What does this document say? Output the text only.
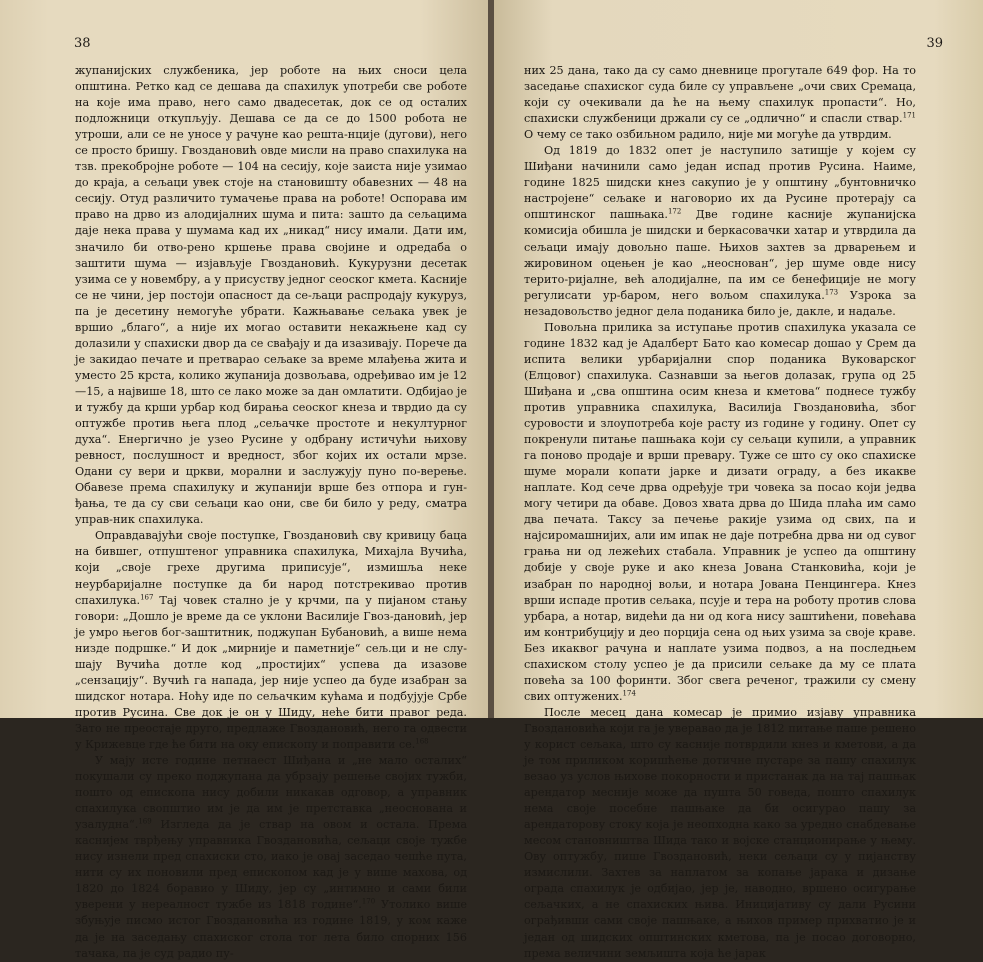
38

жупанијских службеника, јер роботе на њих сноси цела општина. Ретко кад се дешава да спахилук употреби све роботе на које има право, него само двадесетак, док се од осталих подложници откупљују. Дешава се да се до 1500 робота не утроши, али се не уносе у рачуне као решта-нције (дугови), него се просто бришу. Гвоздановић овде мисли на право спахилука на тзв. прекобројне роботе — 104 на сесију, које заиста није узимао до краја, а сељаци увек стоје на становишту обавезних — 48 на сесију. Отуд различито тумачење права на роботе! Оспорава им право на дрво из алодијалних шума и пита: зашто да сељацима даје нека права у шумама кад их „никад“ нису имали. Дати им, значило би отво-рено кршење права својине и одредаба о заштити шума — изјављује Гвоздановић. Кукурузни десетак узима се у новембру, а у присуству једног сеоског кмета. Касније се не чини, јер постоји опасност да се-љаци распродају кукуруз, па је десетину немогуће убрати. Кажњавање сељака увек је вршио „благо“, а није их могао оставити некажњене кад су долазили у спахиски двор да се свађају и да изазивају. Порече да је закидао печате и претварао сељаке за време млађења жита и уместо 25 крста, колико жупанија дозвољава, одређивао им је 12—15, а највише 18, што се лако може за дан омлатити. Одбијао је и тужбу да крши урбар код бирања сеоског кнеза и тврдио да су оптужбе против њега плод „сељачке простоте и некултурног духа“. Енергично је узео Русине у одбрану истичући њихову ревност, послушност и вредност, због којих их остали мрзе. Одани су вери и цркви, морални и заслужују пуно по-верење. Обавезе према спахилуку и жупанији врше без отпора и гун-ђања, те да су сви сељаци као они, све би било у реду, сматра управ-ник спахилука.

Оправдавајући своје поступке, Гвоздановић сву кривицу баца на бившег, отпуштеног управника спахилука, Михајла Вучића, који „своје грехе другима приписује“, измишља неке неурбаријалне поступке да би народ потстрекивао против спахилука.$^{167}$ Тај човек стално је у крчми, па у пијаном стању говори: „Дошло је време да се уклони Василије Гвоз-дановић, јер је умро његов бог-заштитник, поджупан Бубановић, а више нема низде подршке.“ И док „мирније и паметније“ сељ.ци и не слу-шају Вучића дотле код „простијих“ успева да изазове „сензацију“. Вучић га напада, јер није успео да буде изабран за шидског нотара. Ноћу иде по сељачким кућама и подбујује Србе против Русина. Све док је он у Шиду, неће бити правог реда. Зато не преостаје друго, предлаже Гвоздановић, него га одвести у Крижевце где ће бити на оку епископу и поправити се.$^{168}$

У мају исте године петнаест Шиђана и „не мало осталих“ покушали су преко поджупана да убрзају решење својих тужби, пошто од епископа нису добили никакав одговор, а управник спахилука свопштио им је да им је претставка „неоснована и узалудна“.$^{169}$ Изгледа да је ствар на овом и остала. Према каснијем тврђењу управника Гвоздановића, сељаци своје тужбе нису изнели пред спахиски сто, иако је овај заседао чешће пута, нити су их поновили пред епископом кад је у више махова, од 1820 до 1824 боравио у Шиду, јер су „интимно и сами били уверени у нереалност тужбе из 1818 године“.$^{170}$ Утолико више збуњује писмо истог Гвоздановића из године 1819, у ком каже да је на заседању спахиског стола тог лета било спорних 156 тачака, па је суд радио пу-

39

них 25 дана, тако да су само дневнице прогутале 649 фор. На то заседање спахиског суда биле су управљене „очи свих Сремаца, који су очекивали да ће на њему спахилук пропасти“. Но, спахиски службеници држали су се „одлично“ и спасли ствар.$^{171}$ О чему се тако озбиљном радило, није ми могуће да утврдим.

Од 1819 до 1832 опет је наступило затишје у којем су Шиђани начинили само један испад против Русина. Наиме, године 1825 шидски кнез сакупио је у општину „бунтовничко настројене“ сељаке и наговорио их да Русине протерају са општинског пашњака.$^{172}$ Две године касније жупанијска комисија обишла је шидски и беркасовачки хатар и утврдила да сељаци имају довољно паше. Њихов захтев за дрварењем и жировином оцењен је као „неоснован“, јер шуме овде нису терито-ријалне, већ алодијалне, па им се бенефиције не могу регулисати ур-баром, него вољом спахилука.$^{173}$ Узрока за незадовољство једног дела поданика било је, дакле, и надаље.

Повољна прилика за иступање против спахилука указала се године 1832 кад је Адалберт Бато као комесар дошао у Срем да испита велики урбаријални спор поданика Вуковарског (Елцовог) спахилука. Сазнавши за његов долазак, група од 25 Шиђана и „сва општина осим кнеза и кметова“ поднесе тужбу против управника спахилука, Василија Гвоздановића, због суровости и злоупотреба које расту из године у годину. Опет су покренули питање пашњака који су сељаци купили, а управник га поново продаје и врши превару. Туже се што су око спахиске шуме морали копати јарке и дизати ограду, а без икакве наплате. Код сече дрва одређује три човека за посао који једва могу четири да обаве. Довоз хвата дрва до Шида плаћа им само два печата. Таксу за печење ракије узима од свих, па и најсиромашнијих, али им ипак не даје потребна дрва ни од сувог грања ни од лежећих стабала. Управник је успео да општину добије у своје руке и ако кнеза Јована Станковића, који је изабран по народној вољи, и нотара Јована Пенцингера. Кнез врши испаде против сељака, псује и тера на роботу против слова урбара, а нотар, видећи да ни од кога нису заштићени, повећава им контрибуцију и део порција сена од њих узима за своје краве. Без икаквог рачуна и наплате узима подвоз, а на последњем спахиском столу успео је да присили сељаке да му се плата повећа за 100 форинти. Због свега реченог, тражили су смену свих оптужених.$^{174}$

После месец дана комесар је примио изјаву управника Гвоздановића који га је уверавао да је 1812 питање паше решено у корист сељака, што су касније потврдили кнез и кметови, а да је том приликом коришћење дотичне пустаре за пашу спахилук везао уз услов њихове покорности и пристанак да на тај пашњак арендатор месније може да пушта 50 говеда, пошто спахилук нема своје посебне пашњаке да би осигурао пашу за арендаторову стоку која је неопходна како за уредно снабдевање месом становништва Шида тако и војске станционирање у њему. Ову оптужбу, пише Гвоздановић, неки сељаци су у пијанству измислили. Захтев за наплатом за копање јарака и дизање ограда спахилук је одбијао, јер је, наводно, вршено осигурање сељачких, а не спахиских њива. Иницијативу су дали Русини ограђивши сами своје пашњаке, а њихов пример прихватио је и један од шидских општинских кметова, па је посао договорно, према величини земљишта која ће јарак
